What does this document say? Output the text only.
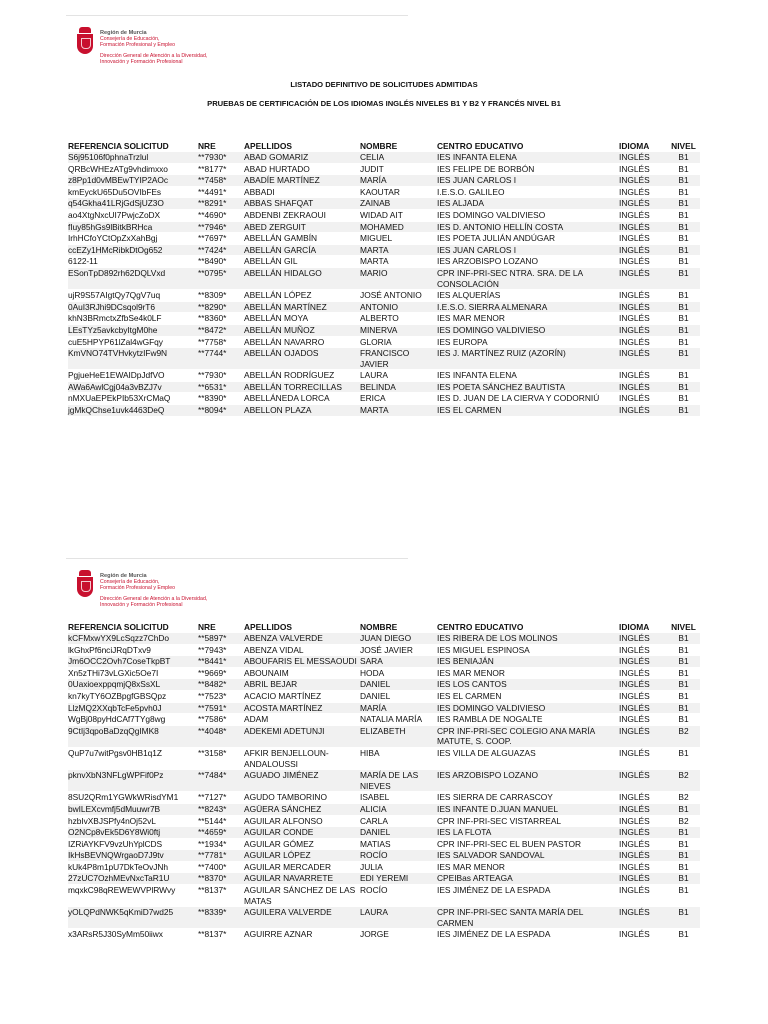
Región de Murcia
Consejería de Educación,
Formación Profesional y Empleo
Dirección General de Atención a la Diversidad,
Innovación y Formación Profesional
LISTADO DEFINITIVO DE SOLICITUDES ADMITIDAS
PRUEBAS DE CERTIFICACIÓN DE LOS IDIOMAS INGLÉS NIVELES B1 Y B2 Y FRANCÉS NIVEL B1
REFERENCIA SOLICITUD	NRE	APELLIDOS	NOMBRE	CENTRO EDUCATIVO	IDIOMA	NIVEL
S6j95106f0phnaTrzlul	**7930*	ABAD GOMARIZ	CELIA	IES INFANTA ELENA	INGLÉS	B1
QRBcWHEzATg9vhdimxxo	**8177*	ABAD HURTADO	JUDIT	IES FELIPE DE BORBÓN	INGLÉS	B1
z8Pp1d0vMBEwTYIP2AOc	**7458*	ABADÍE MARTÍNEZ	MARÍA	IES JUAN CARLOS I	INGLÉS	B1
kmEyckU65Du5OVIbFEs	**4491*	ABBADI	KAOUTAR	I.E.S.O. GALILEO	INGLÉS	B1
q54Gkha41LRjGdSjUZ3O	**8291*	ABBAS SHAFQAT	ZAINAB	IES ALJADA	INGLÉS	B1
ao4XtgNxcUI7PwjcZoDX	**4690*	ABDENBI ZEKRAOUI	WIDAD AIT	IES DOMINGO VALDIVIESO	INGLÉS	B1
fIuy85hGs9lBitkBRHca	**7946*	ABED ZERGUIT	MOHAMED	IES D. ANTONIO HELLÍN COSTA	INGLÉS	B1
IrhHCfoYCtOpZxXahBgj	**7697*	ABELLÁN GAMBÍN	MIGUEL	IES POETA JULIÁN ANDÚGAR	INGLÉS	B1
ccEZy1HMcRibkDtOg652	**7424*	ABELLÁN GARCÍA	MARTA	IES JUAN CARLOS I	INGLÉS	B1
6122-11	**8490*	ABELLÁN GIL	MARTA	IES ARZOBISPO LOZANO	INGLÉS	B1
ESonTpD892rh62DQLVxd	**0795*	ABELLÁN HIDALGO	MARIO	CPR INF-PRI-SEC NTRA. SRA. DE LA CONSOLACIÓN	INGLÉS	B1
ujR9S57AIgtQy7QgV7uq	**8309*	ABELLÁN LÓPEZ	JOSÉ ANTONIO	IES ALQUERÍAS	INGLÉS	B1
0AuI3RJhi9DCsqol9rT6	**8290*	ABELLÁN MARTÍNEZ	ANTONIO	I.E.S.O. SIERRA ALMENARA	INGLÉS	B1
khN3BRmctxZfbSe4k0LF	**8360*	ABELLÁN MOYA	ALBERTO	IES MAR MENOR	INGLÉS	B1
LEsTYz5avkcbyItgM0he	**8472*	ABELLÁN MUÑOZ	MINERVA	IES DOMINGO VALDIVIESO	INGLÉS	B1
cuE5HPYP61lZal4wGFqy	**7758*	ABELLÁN NAVARRO	GLORIA	IES EUROPA	INGLÉS	B1
KmVNO74TVHvkytzIFw9N	**7744*	ABELLÁN OJADOS	FRANCISCO JAVIER	IES J. MARTÍNEZ RUIZ (AZORÍN)	INGLÉS	B1
PgjueHeE1EWAIDpJdfVO	**7930*	ABELLÁN RODRÍGUEZ	LAURA	IES INFANTA ELENA	INGLÉS	B1
AWa6AwlCgj04a3vBZJ7v	**6531*	ABELLÁN TORRECILLAS	BELINDA	IES POETA SÁNCHEZ BAUTISTA	INGLÉS	B1
nMXUaEPEkPIb53XrCMaQ	**8390*	ABELLÁNEDA LORCA	ERICA	IES D. JUAN DE LA CIERVA Y CODORNIÚ	INGLÉS	B1
jgMkQChse1uvk4463DeQ	**8094*	ABELLON PLAZA	MARTA	IES EL CARMEN	INGLÉS	B1
Región de Murcia
Consejería de Educación,
Formación Profesional y Empleo
Dirección General de Atención a la Diversidad,
Innovación y Formación Profesional
REFERENCIA SOLICITUD	NRE	APELLIDOS	NOMBRE	CENTRO EDUCATIVO	IDIOMA	NIVEL
kCFMxwYX9LcSqzz7ChDo	**5897*	ABENZA VALVERDE	JUAN DIEGO	IES RIBERA DE LOS MOLINOS	INGLÉS	B1
lkGhxPf6nciJRqDTxv9	**7943*	ABENZA VIDAL	JOSÉ JAVIER	IES MIGUEL ESPINOSA	INGLÉS	B1
Jm6OCC2Ovh7CoseTkpBT	**8441*	ABOUFARIS EL MESSAOUDI	SARA	IES BENIAJÁN	INGLÉS	B1
Xn5zTHi73vLGXic5Oe7I	**9669*	ABOUNAIM	HODA	IES MAR MENOR	INGLÉS	B1
0UaxioexppqmjQ8xSsXL	**8482*	ABRIL BEJAR	DANIEL	IES LOS CANTOS	INGLÉS	B1
kn7kyTY6OZBpgfGBSQpz	**7523*	ACACIO MARTÍNEZ	DANIEL	IES EL CARMEN	INGLÉS	B1
LlzMQ2XXqbTcFe5pvh0J	**7591*	ACOSTA MARTÍNEZ	MARÍA	IES DOMINGO VALDIVIESO	INGLÉS	B1
WgBj08pyHdCAf7TYg8wg	**7586*	ADAM	NATALIA MARÍA	IES RAMBLA DE NOGALTE	INGLÉS	B1
9CtIj3qpoBaDzqQgIMK8	**4048*	ADEKEMI ADETUNJI	ELIZABETH	CPR INF-PRI-SEC COLEGIO ANA MARÍA MATUTE, S. COOP.	INGLÉS	B2
QuP7u7witPgsv0HB1q1Z	**3158*	AFKIR BENJELLOUN-ANDALOUSSI	HIBA	IES VILLA DE ALGUAZAS	INGLÉS	B1
pknvXbN3NFLgWPFif0Pz	**7484*	AGUADO JIMÉNEZ	MARÍA DE LAS NIEVES	IES ARZOBISPO LOZANO	INGLÉS	B2
8SU2QRm1YGWkWRisdYM1	**7127*	AGUDO TAMBORINO	ISABEL	IES SIERRA DE CARRASCOY	INGLÉS	B2
bwILEXcvmfj5dMuuwr7B	**8243*	AGÜERA SÁNCHEZ	ALICIA	IES INFANTE D.JUAN MANUEL	INGLÉS	B1
hzbIvXBJSPfy4nOj52vL	**5144*	AGUILAR ALFONSO	CARLA	CPR INF-PRI-SEC VISTARREAL	INGLÉS	B2
O2NCp8vEk5D6Y8Wi0ftj	**4659*	AGUILAR CONDE	DANIEL	IES LA FLOTA	INGLÉS	B1
IZRiAYKFV9vzUhYplCDS	**1934*	AGUILAR GÓMEZ	MATIAS	CPR INF-PRI-SEC EL BUEN PASTOR	INGLÉS	B1
IkHsBEVNQWrgaoD7J9tv	**7781*	AGUILAR LÓPEZ	ROCÍO	IES SALVADOR SANDOVAL	INGLÉS	B1
kUk4P8m1pU7DkTeOvJNh	**7400*	AGUILAR MERCADER	JULIA	IES MAR MENOR	INGLÉS	B1
27zUC7OzhMEvNxcTaR1U	**8370*	AGUILAR NAVARRETE	EDI YEREMI	CPEIBas ARTEAGA	INGLÉS	B1
mqxkC98qREWEWVPlRWvy	**8137*	AGUILAR SÁNCHEZ DE LAS MATAS	ROCÍO	IES JIMÉNEZ DE LA ESPADA	INGLÉS	B1
yOLQPdNWK5qKmiD7wd25	**8339*	AGUILERA VALVERDE	LAURA	CPR INF-PRI-SEC SANTA MARÍA DEL CARMEN	INGLÉS	B1
x3ARsR5J30SyMm50iiwx	**8137*	AGUIRRE AZNAR	JORGE	IES JIMÉNEZ DE LA ESPADA	INGLÉS	B1
